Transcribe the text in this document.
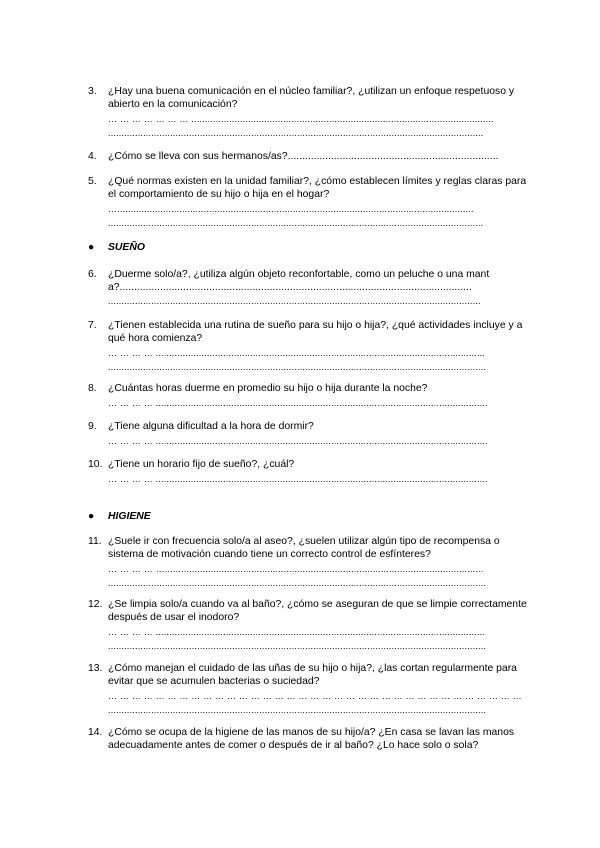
3.	¿Hay una buena comunicación en el núcleo familiar?, ¿utilizan un enfoque respetuoso y abierto en la comunicación?
… … … … … … … ................................................................................................................
...........................................................................................................................................
4.	¿Cómo se lleva con sus hermanos/as?.........................................................................
5.	¿Qué normas existen en la unidad familiar?, ¿cómo establecen límites y reglas claras para el comportamiento de su hijo o hija en el hogar?
…....................................................................................................................................
...........................................................................................................................................
●	SUEÑO
6.	¿Duerme solo/a?, ¿utiliza algún objeto reconfortable, como un peluche o una manta?..........................................................................................................................
..........................................................................................................................................
7.	¿Tienen establecida una rutina de sueño para su hijo o hija?, ¿qué actividades incluye y a qué hora comienza?
… … … … ..........................................................................................................................
............................................................................................................................................
8.	¿Cuántas horas duerme en promedio su hijo o hija durante la noche?
… … … … ...........................................................................................................................
9.	¿Tiene alguna dificultad a la hora de dormir?
… … … … ...........................................................................................................................
10. ¿Tiene un horario fijo de sueño?, ¿cuál?
… … … … ...........................................................................................................................
●	HIGIENE
11. ¿Suele ir con frecuencia solo/a al aseo?, ¿suelen utilizar algún tipo de recompensa o sistema de motivación cuando tiene un correcto control de esfínteres?
… … … … …......................................................................................................................
............................................................................................................................................
12. ¿Se limpia solo/a cuando va al baño?, ¿cómo se aseguran de que se limpie correctamente después de usar el inodoro?
… … … … ..........................................................................................................................
............................................................................................................................................
13. ¿Cómo manejan el cuidado de las uñas de su hijo o hija?, ¿las cortan regularmente para evitar que se acumulen bacterias o suciedad?
… … … … … … … … … … … … … … … … … … … … … … … … … … … … … … … … … … …
............................................................................................................................................
14. ¿Cómo se ocupa de la higiene de las manos de su hijo/a? ¿En casa se lavan las manos adecuadamente antes de comer o después de ir al baño? ¿Lo hace solo o sola?
